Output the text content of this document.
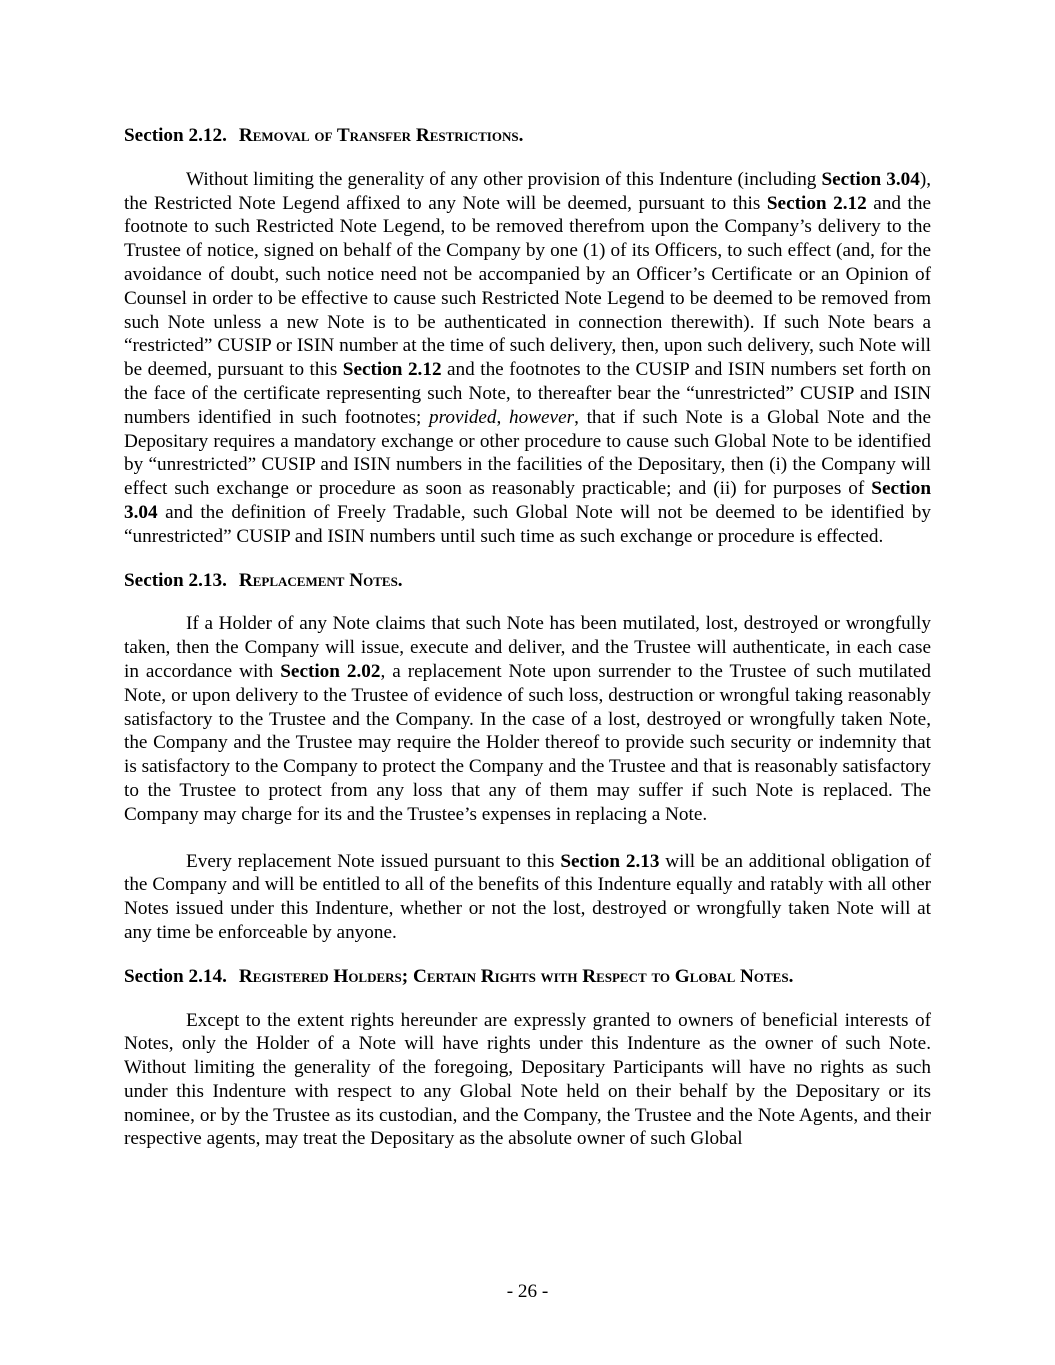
Section 2.12. Removal of Transfer Restrictions.

Without limiting the generality of any other provision of this Indenture (including Section 3.04), the Restricted Note Legend affixed to any Note will be deemed, pursuant to this Section 2.12 and the footnote to such Restricted Note Legend, to be removed therefrom upon the Company’s delivery to the Trustee of notice, signed on behalf of the Company by one (1) of its Officers, to such effect (and, for the avoidance of doubt, such notice need not be accompanied by an Officer’s Certificate or an Opinion of Counsel in order to be effective to cause such Restricted Note Legend to be deemed to be removed from such Note unless a new Note is to be authenticated in connection therewith). If such Note bears a “restricted” CUSIP or ISIN number at the time of such delivery, then, upon such delivery, such Note will be deemed, pursuant to this Section 2.12 and the footnotes to the CUSIP and ISIN numbers set forth on the face of the certificate representing such Note, to thereafter bear the “unrestricted” CUSIP and ISIN numbers identified in such footnotes; provided, however, that if such Note is a Global Note and the Depositary requires a mandatory exchange or other procedure to cause such Global Note to be identified by “unrestricted” CUSIP and ISIN numbers in the facilities of the Depositary, then (i) the Company will effect such exchange or procedure as soon as reasonably practicable; and (ii) for purposes of Section 3.04 and the definition of Freely Tradable, such Global Note will not be deemed to be identified by “unrestricted” CUSIP and ISIN numbers until such time as such exchange or procedure is effected.

Section 2.13. Replacement Notes.

If a Holder of any Note claims that such Note has been mutilated, lost, destroyed or wrongfully taken, then the Company will issue, execute and deliver, and the Trustee will authenticate, in each case in accordance with Section 2.02, a replacement Note upon surrender to the Trustee of such mutilated Note, or upon delivery to the Trustee of evidence of such loss, destruction or wrongful taking reasonably satisfactory to the Trustee and the Company. In the case of a lost, destroyed or wrongfully taken Note, the Company and the Trustee may require the Holder thereof to provide such security or indemnity that is satisfactory to the Company to protect the Company and the Trustee and that is reasonably satisfactory to the Trustee to protect from any loss that any of them may suffer if such Note is replaced. The Company may charge for its and the Trustee’s expenses in replacing a Note.

Every replacement Note issued pursuant to this Section 2.13 will be an additional obligation of the Company and will be entitled to all of the benefits of this Indenture equally and ratably with all other Notes issued under this Indenture, whether or not the lost, destroyed or wrongfully taken Note will at any time be enforceable by anyone.

Section 2.14. Registered Holders; Certain Rights with Respect to Global Notes.

Except to the extent rights hereunder are expressly granted to owners of beneficial interests of Notes, only the Holder of a Note will have rights under this Indenture as the owner of such Note. Without limiting the generality of the foregoing, Depositary Participants will have no rights as such under this Indenture with respect to any Global Note held on their behalf by the Depositary or its nominee, or by the Trustee as its custodian, and the Company, the Trustee and the Note Agents, and their respective agents, may treat the Depositary as the absolute owner of such Global

- 26 -
